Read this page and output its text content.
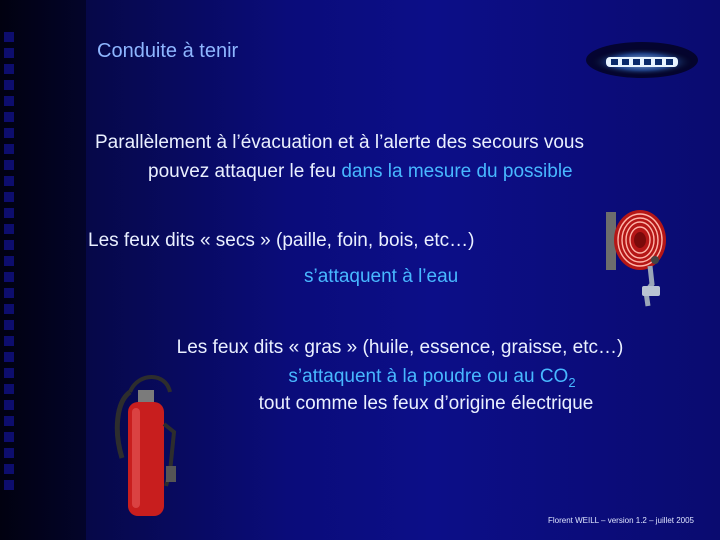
Conduite à tenir
Parallèlement à l’évacuation et à l’alerte des secours vous
pouvez attaquer le feu dans la mesure du possible
Les feux dits « secs » (paille, foin, bois, etc…)
s’attaquent à l’eau
Les feux dits « gras » (huile, essence, graisse, etc…)
s’attaquent à la poudre ou au $CO_2$
tout comme les feux d’origine électrique
Florent WEILL – version 1.2 – juillet 2005
